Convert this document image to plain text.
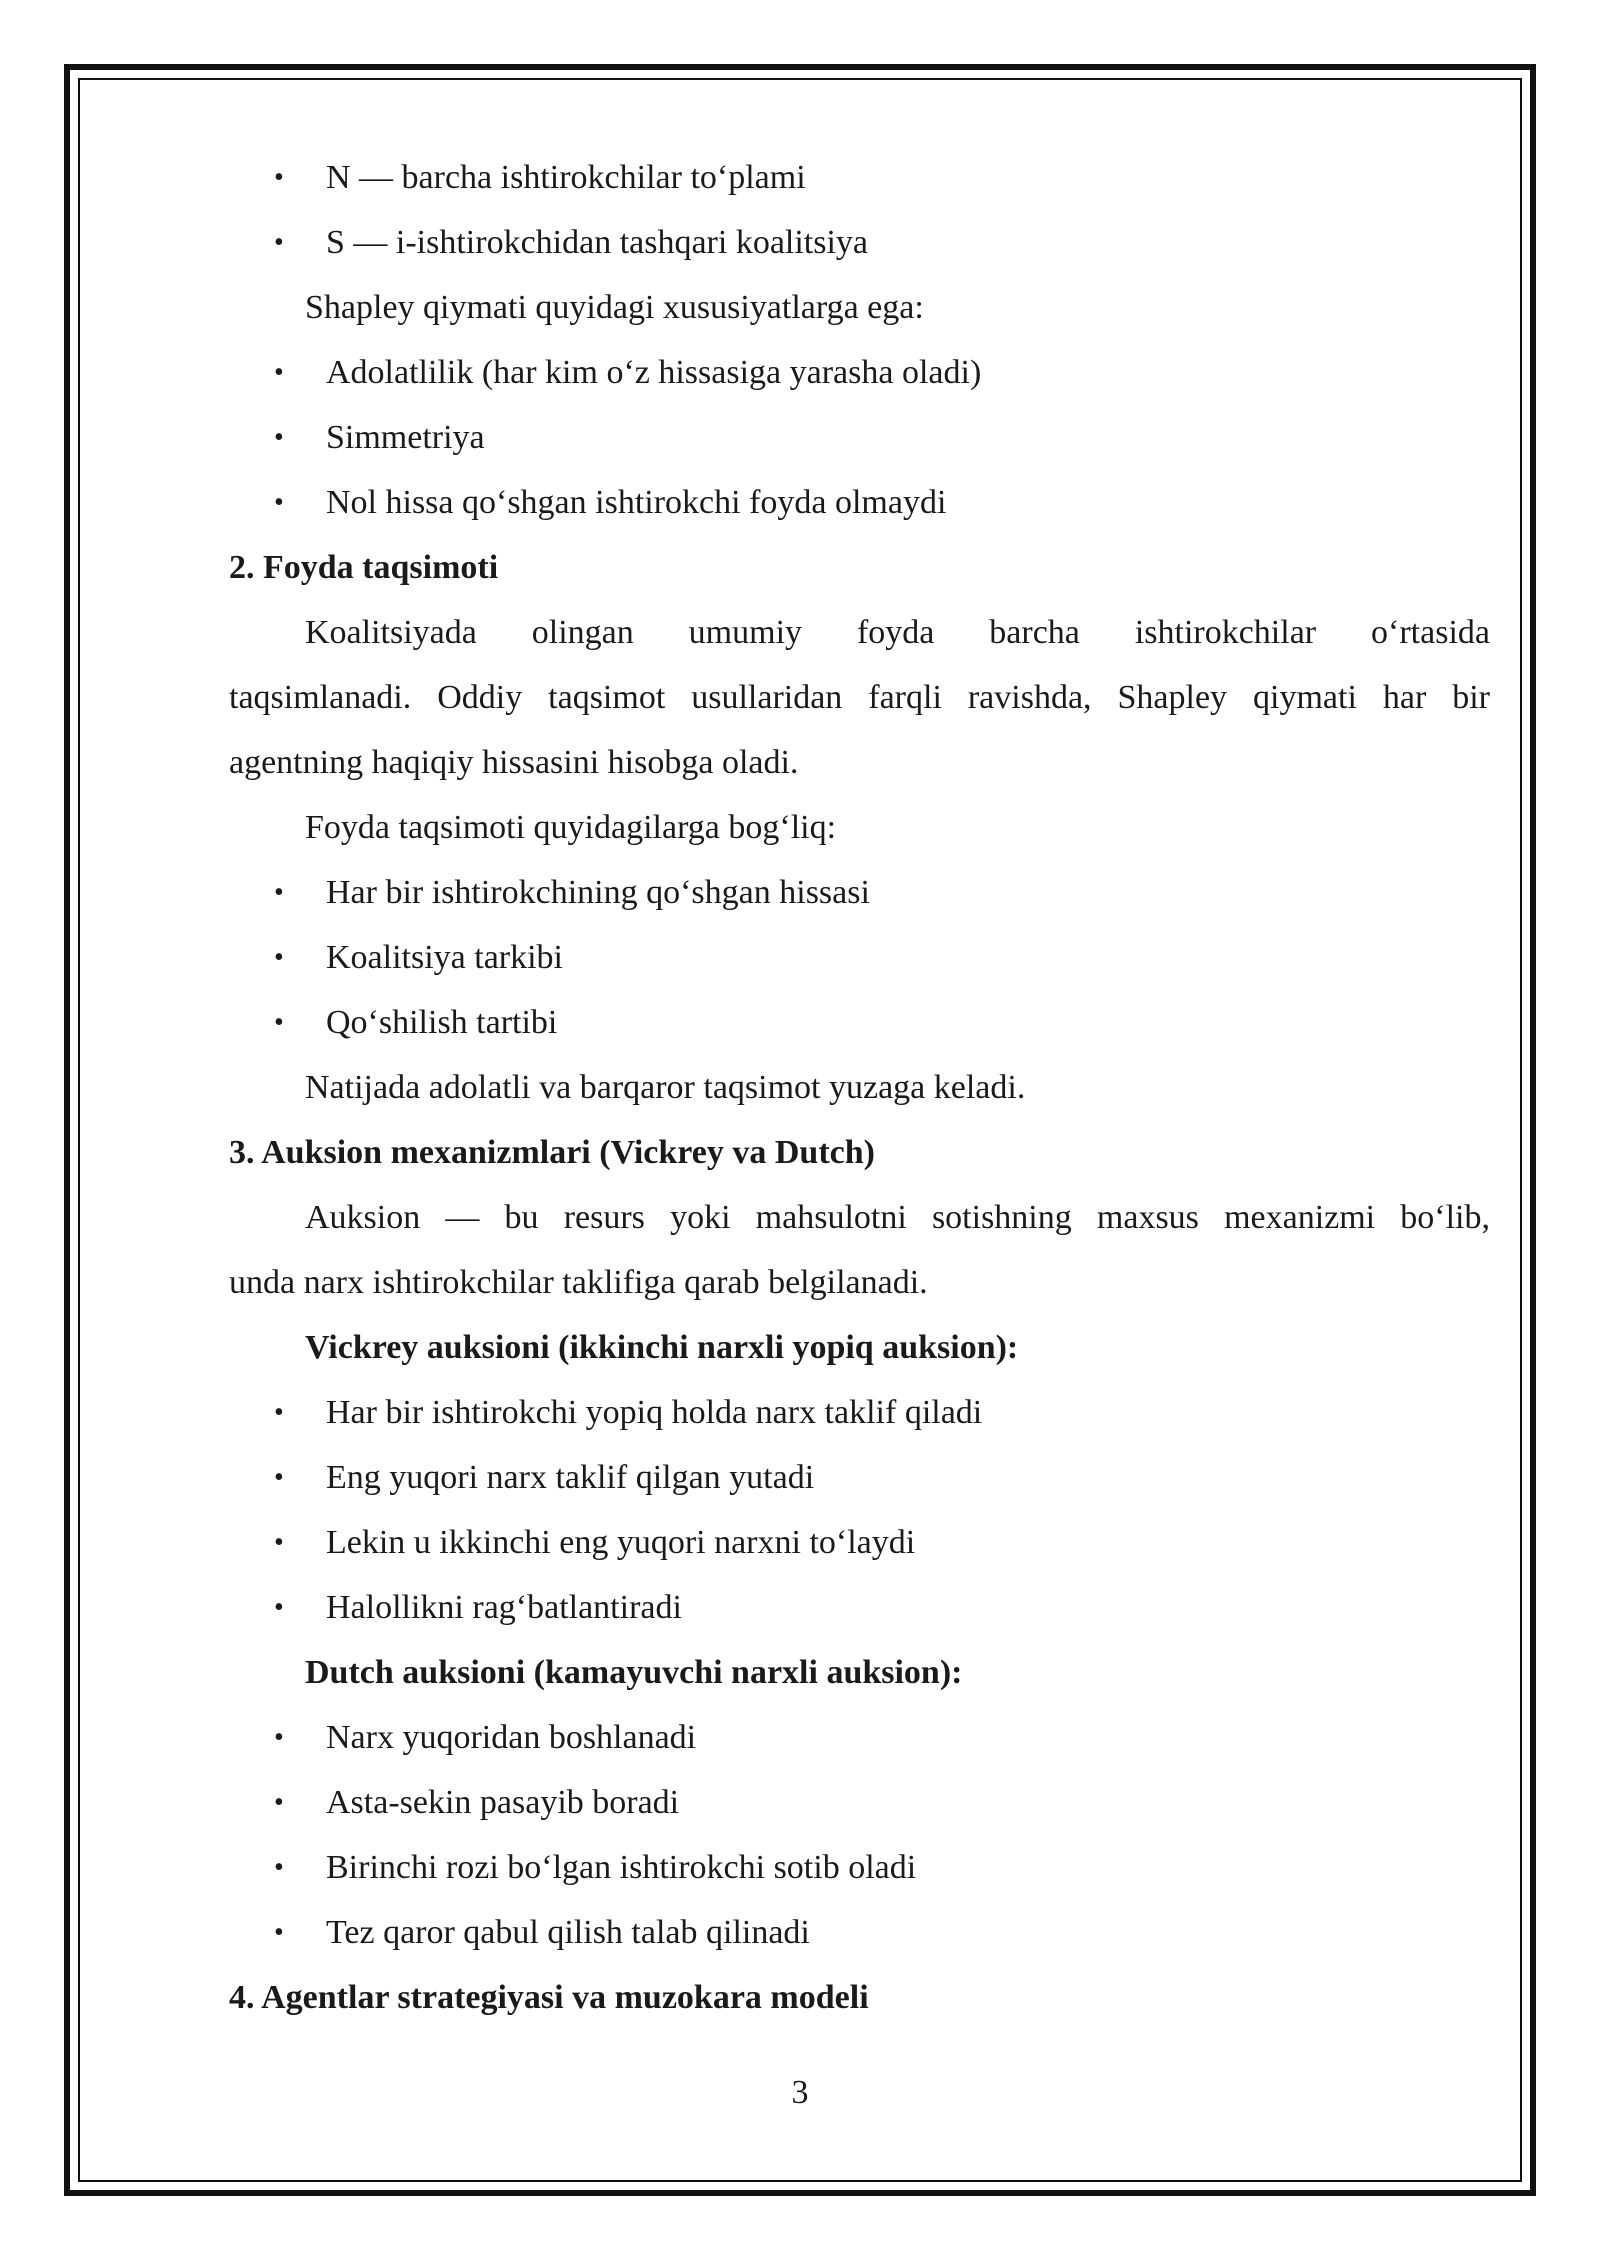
• N — barcha ishtirokchilar to‘plami
• S — i-ishtirokchidan tashqari koalitsiya
Shapley qiymati quyidagi xususiyatlarga ega:
• Adolatlilik (har kim o‘z hissasiga yarasha oladi)
• Simmetriya
• Nol hissa qo‘shgan ishtirokchi foyda olmaydi
2. Foyda taqsimoti
Koalitsiyada olingan umumiy foyda barcha ishtirokchilar o‘rtasida
taqsimlanadi. Oddiy taqsimot usullaridan farqli ravishda, Shapley qiymati har bir
agentning haqiqiy hissasini hisobga oladi.
Foyda taqsimoti quyidagilarga bog‘liq:
• Har bir ishtirokchining qo‘shgan hissasi
• Koalitsiya tarkibi
• Qo‘shilish tartibi
Natijada adolatli va barqaror taqsimot yuzaga keladi.
3. Auksion mexanizmlari (Vickrey va Dutch)
Auksion — bu resurs yoki mahsulotni sotishning maxsus mexanizmi bo‘lib,
unda narx ishtirokchilar taklifiga qarab belgilanadi.
Vickrey auksioni (ikkinchi narxli yopiq auksion):
• Har bir ishtirokchi yopiq holda narx taklif qiladi
• Eng yuqori narx taklif qilgan yutadi
• Lekin u ikkinchi eng yuqori narxni to‘laydi
• Halollikni rag‘batlantiradi
Dutch auksioni (kamayuvchi narxli auksion):
• Narx yuqoridan boshlanadi
• Asta-sekin pasayib boradi
• Birinchi rozi bo‘lgan ishtirokchi sotib oladi
• Tez qaror qabul qilish talab qilinadi
4. Agentlar strategiyasi va muzokara modeli
3
